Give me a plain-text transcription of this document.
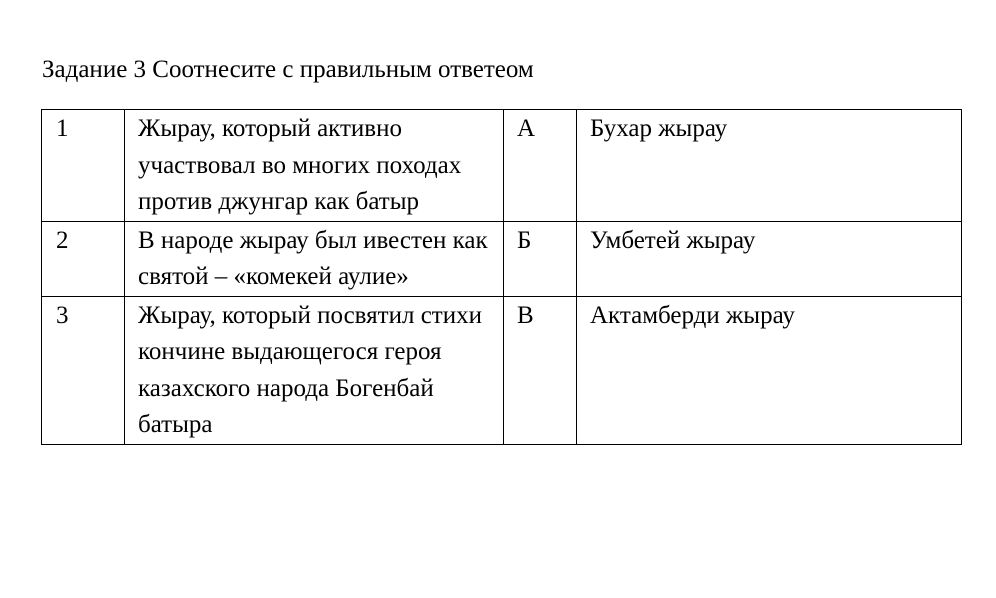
Задание 3 Соотнесите с правильным ответеом
1	Жырау, который активно участвовал во многих походах против джунгар как батыр	А	Бухар жырау
2	В народе жырау был ивестен как святой – «комекей аулие»	Б	Умбетей жырау
3	Жырау, который посвятил стихи кончине выдающегося героя казахского народа Богенбай батыра	В	Актамберди жырау
